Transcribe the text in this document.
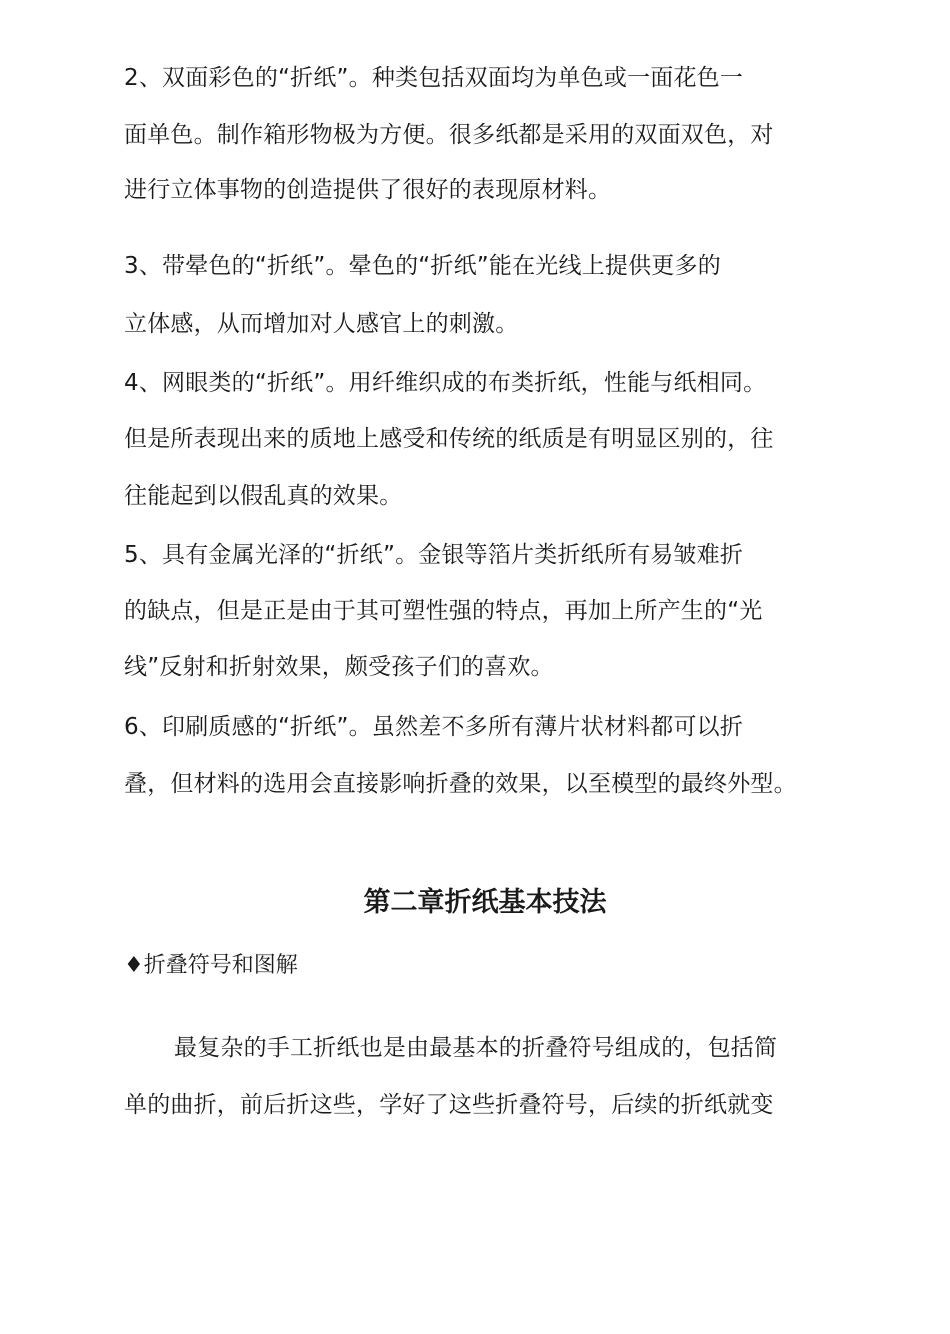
2、双面彩色的“折纸”。种类包括双面均为单色或一面花色一
面单色。制作箱形物极为方便。很多纸都是采用的双面双色，对
进行立体事物的创造提供了很好的表现原材料。
3、带晕色的“折纸”。晕色的“折纸”能在光线上提供更多的
立体感，从而增加对人感官上的刺激。
4、网眼类的“折纸”。用纤维织成的布类折纸，性能与纸相同。
但是所表现出来的质地上感受和传统的纸质是有明显区别的，往
往能起到以假乱真的效果。
5、具有金属光泽的“折纸”。金银等箔片类折纸所有易皱难折
的缺点，但是正是由于其可塑性强的特点，再加上所产生的“光
线”反射和折射效果，颇受孩子们的喜欢。
6、印刷质感的“折纸”。虽然差不多所有薄片状材料都可以折
叠，但材料的选用会直接影响折叠的效果，以至模型的最终外型。
第二章折纸基本技法
♦折叠符号和图解
最复杂的手工折纸也是由最基本的折叠符号组成的，包括简
单的曲折，前后折这些，学好了这些折叠符号，后续的折纸就变
